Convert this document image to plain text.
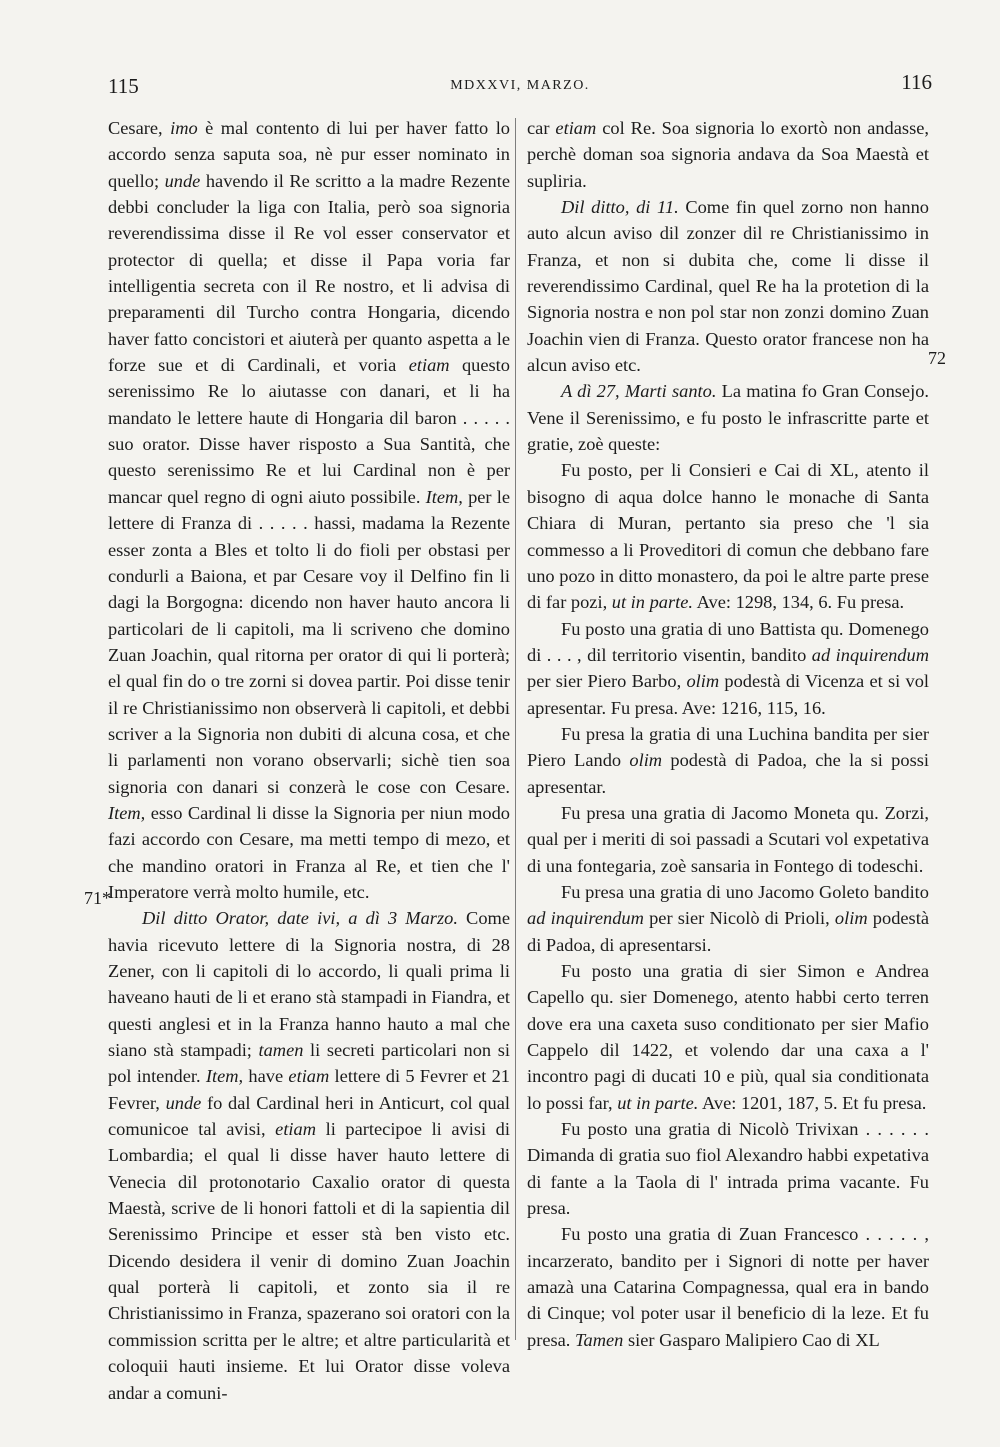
115	MDXXVI, MARZO.	116

Cesare, imo è mal contento di lui per haver fatto lo accordo senza saputa soa, nè pur esser nominato in quello; unde havendo il Re scritto a la madre Rezente debbi concluder la liga con Italia, però soa signoria reverendissima disse il Re vol esser conservator et protector di quella; et disse il Papa voria far intelligentia secreta con il Re nostro, et li advisa di preparamenti dil Turcho contra Hongaria, dicendo haver fatto concistori et aiuterà per quanto aspetta a le forze sue et di Cardinali, et voria etiam questo serenissimo Re lo aiutasse con danari, et li ha mandato le lettere haute di Hongaria dil baron . . . . . suo orator. Disse haver risposto a Sua Santità, che questo serenissimo Re et lui Cardinal non è per mancar quel regno di ogni aiuto possibile. Item, per le lettere di Franza di . . . . . hassi, madama la Rezente esser zonta a Bles et tolto li do fioli per obstasi per condurli a Baiona, et par Cesare voy il Delfino fin li dagi la Borgogna: dicendo non haver hauto ancora li particolari de li capitoli, ma li scriveno che domino Zuan Joachin, qual ritorna per orator di qui li porterà; el qual fin do o tre zorni si dovea partir. Poi disse tenir il re Christianissimo non observerà li capitoli, et debbi scriver a la Signoria non dubiti di alcuna cosa, et che li parlamenti non vorano observarli; sichè tien soa signoria con danari si conzerà le cose con Cesare. Item, esso Cardinal li disse la Signoria per niun modo fazi accordo con Cesare, ma metti tempo di mezo, et che mandino oratori in Franza al Re, et tien che l' Imperatore verrà molto humile, etc.

Dil ditto Orator, date ivi, a dì 3 Marzo. Come havia ricevuto lettere di la Signoria nostra, di 28 Zener, con li capitoli di lo accordo, li quali prima li haveano hauti de li et erano stà stampadi in Fiandra, et questi anglesi et in la Franza hanno hauto a mal che siano stà stampadi; tamen li secreti particolari non si pol intender. Item, have etiam lettere di 5 Fevrer et 21 Fevrer, unde fo dal Cardinal heri in Anticurt, col qual comunicoe tal avisi, etiam li partecipoe li avisi di Lombardia; el qual li disse haver hauto lettere di Venecia dil protonotario Caxalio orator di questa Maestà, scrive de li honori fattoli et di la sapientia dil Serenissimo Principe et esser stà ben visto etc. Dicendo desidera il venir di domino Zuan Joachin qual porterà li capitoli, et zonto sia il re Christianissimo in Franza, spazerano soi oratori con la commission scritta per le altre; et altre particularità et coloquii hauti insieme. Et lui Orator disse voleva andar a comuni-

car etiam col Re. Soa signoria lo exortò non andasse, perchè doman soa signoria andava da Soa Maestà et supliria.

Dil ditto, di 11. Come fin quel zorno non hanno auto alcun aviso dil zonzer dil re Christianissimo in Franza, et non si dubita che, come li disse il reverendissimo Cardinal, quel Re ha la protetion di la Signoria nostra e non pol star non zonzi domino Zuan Joachin vien di Franza. Questo orator francese non ha alcun aviso etc.

A dì 27, Marti santo. La matina fo Gran Consejo. Vene il Serenissimo, e fu posto le infrascritte parte et gratie, zoè queste:

Fu posto, per li Consieri e Cai di XL, atento il bisogno di aqua dolce hanno le monache di Santa Chiara di Muran, pertanto sia preso che 'l sia commesso a li Proveditori di comun che debbano fare uno pozo in ditto monastero, da poi le altre parte prese di far pozi, ut in parte. Ave: 1298, 134, 6. Fu presa.

Fu posto una gratia di uno Battista qu. Domenego di . . . , dil territorio visentin, bandito ad inquirendum per sier Piero Barbo, olim podestà di Vicenza et si vol apresentar. Fu presa. Ave: 1216, 115, 16.

Fu presa la gratia di una Luchina bandita per sier Piero Lando olim podestà di Padoa, che la si possi apresentar.

Fu presa una gratia di Jacomo Moneta qu. Zorzi, qual per i meriti di soi passadi a Scutari vol expetativa di una fontegaria, zoè sansaria in Fontego di todeschi.

Fu presa una gratia di uno Jacomo Goleto bandito ad inquirendum per sier Nicolò di Prioli, olim podestà di Padoa, di apresentarsi.

Fu posto una gratia di sier Simon e Andrea Capello qu. sier Domenego, atento habbi certo terren dove era una caxeta suso conditionato per sier Mafio Cappelo dil 1422, et volendo dar una caxa a l' incontro pagi di ducati 10 e più, qual sia conditionata lo possi far, ut in parte. Ave: 1201, 187, 5. Et fu presa.

Fu posto una gratia di Nicolò Trivixan . . . . . . Dimanda di gratia suo fiol Alexandro habbi expetativa di fante a la Taola di l' intrada prima vacante. Fu presa.

Fu posto una gratia di Zuan Francesco . . . . . , incarzerato, bandito per i Signori di notte per haver amazà una Catarina Compagnessa, qual era in bando di Cinque; vol poter usar il beneficio di la leze. Et fu presa. Tamen sier Gasparo Malipiero Cao di XL

71*
72
